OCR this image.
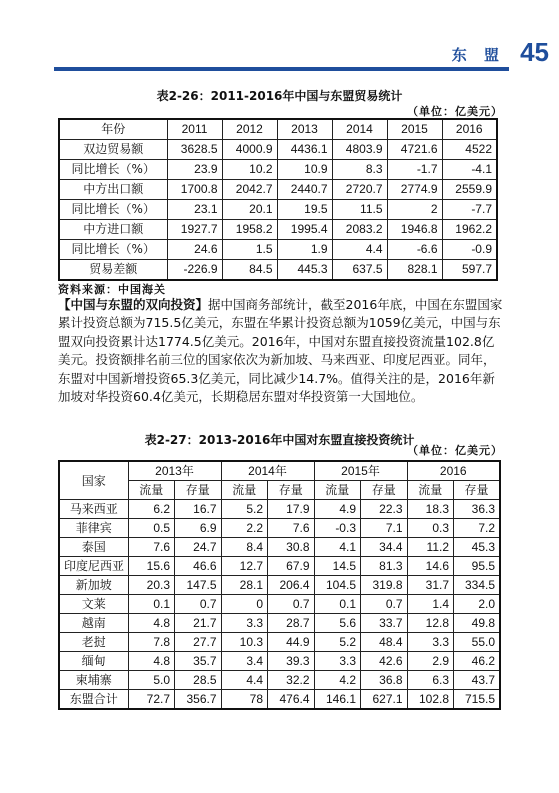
东 盟 45
表2-26：2011-2016年中国与东盟贸易统计
（单位：亿美元）
年份	2011	2012	2013	2014	2015	2016
双边贸易额	3628.5	4000.9	4436.1	4803.9	4721.6	4522
同比增长（%）	23.9	10.2	10.9	8.3	-1.7	-4.1
中方出口额	1700.8	2042.7	2440.7	2720.7	2774.9	2559.9
同比增长（%）	23.1	20.1	19.5	11.5	2	-7.7
中方进口额	1927.7	1958.2	1995.4	2083.2	1946.8	1962.2
同比增长（%）	24.6	1.5	1.9	4.4	-6.6	-0.9
贸易差额	-226.9	84.5	445.3	637.5	828.1	597.7
资料来源：中国海关
【中国与东盟的双向投资】据中国商务部统计，截至2016年底，中国在东盟国家累计投资总额为715.5亿美元，东盟在华累计投资总额为1059亿美元，中国与东盟双向投资累计达1774.5亿美元。2016年，中国对东盟直接投资流量102.8亿美元。投资额排名前三位的国家依次为新加坡、马来西亚、印度尼西亚。同年，东盟对中国新增投资65.3亿美元，同比减少14.7%。值得关注的是，2016年新加坡对华投资60.4亿美元，长期稳居东盟对华投资第一大国地位。
表2-27：2013-2016年中国对东盟直接投资统计
（单位：亿美元）
国家	2013年		2014年		2015年		2016	
	流量	存量	流量	存量	流量	存量	流量	存量
马来西亚	6.2	16.7	5.2	17.9	4.9	22.3	18.3	36.3
菲律宾	0.5	6.9	2.2	7.6	-0.3	7.1	0.3	7.2
泰国	7.6	24.7	8.4	30.8	4.1	34.4	11.2	45.3
印度尼西亚	15.6	46.6	12.7	67.9	14.5	81.3	14.6	95.5
新加坡	20.3	147.5	28.1	206.4	104.5	319.8	31.7	334.5
文莱	0.1	0.7	0	0.7	0.1	0.7	1.4	2.0
越南	4.8	21.7	3.3	28.7	5.6	33.7	12.8	49.8
老挝	7.8	27.7	10.3	44.9	5.2	48.4	3.3	55.0
缅甸	4.8	35.7	3.4	39.3	3.3	42.6	2.9	46.2
柬埔寨	5.0	28.5	4.4	32.2	4.2	36.8	6.3	43.7
东盟合计	72.7	356.7	78	476.4	146.1	627.1	102.8	715.5
